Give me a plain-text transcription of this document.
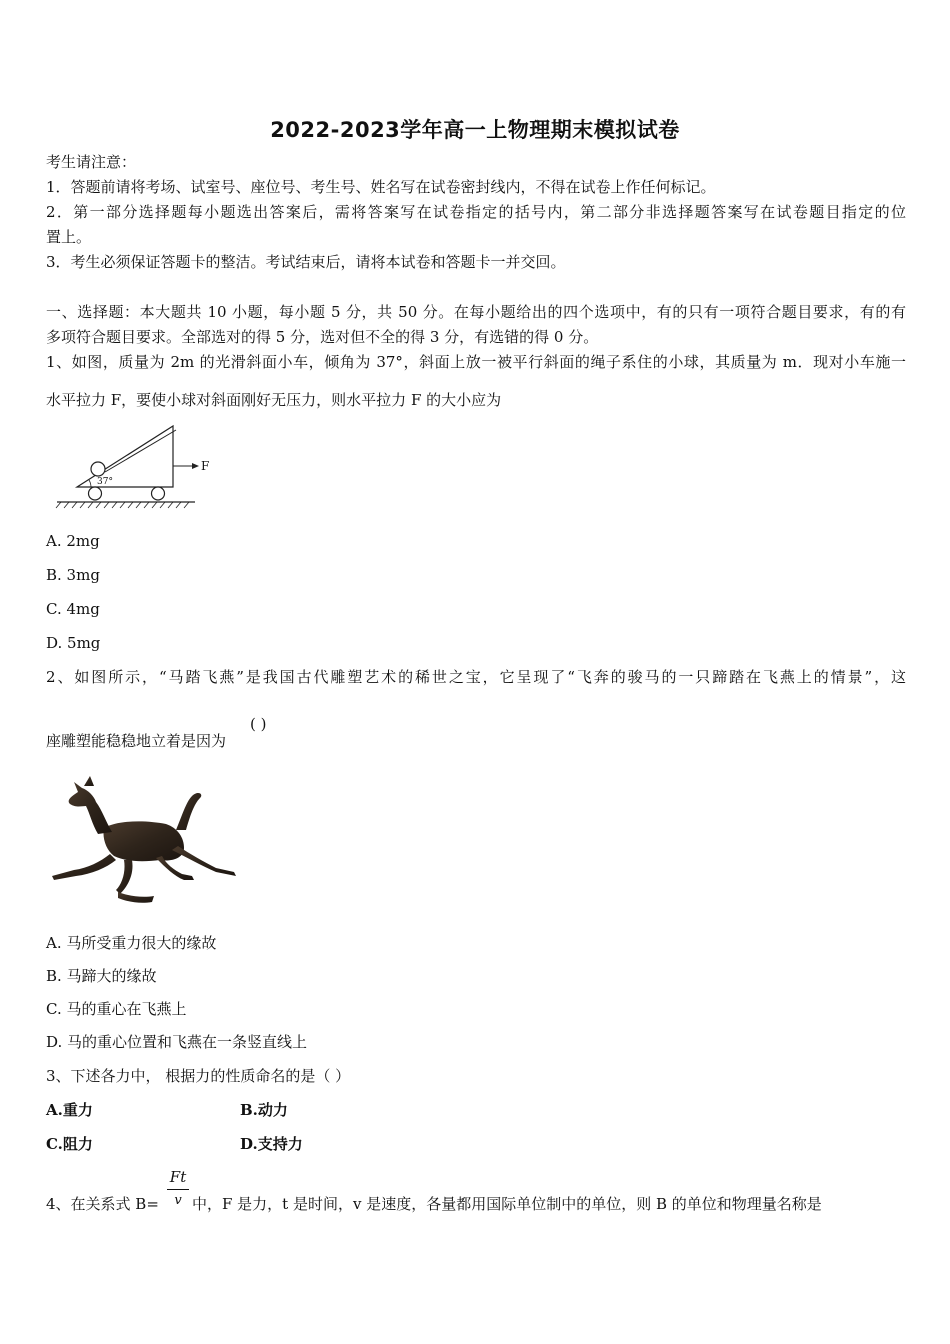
2022-2023学年高一上物理期末模拟试卷
考生请注意：
1．答题前请将考场、试室号、座位号、考生号、姓名写在试卷密封线内，不得在试卷上作任何标记。
2．第一部分选择题每小题选出答案后，需将答案写在试卷指定的括号内，第二部分非选择题答案写在试卷题目指定的位
置上。
3．考生必须保证答题卡的整洁。考试结束后，请将本试卷和答题卡一并交回。
一、选择题：本大题共 10 小题，每小题 5 分，共 50 分。在每小题给出的四个选项中，有的只有一项符合题目要求，有的有
多项符合题目要求。全部选对的得 5 分，选对但不全的得 3 分，有选错的得 0 分。
1、如图，质量为 2m 的光滑斜面小车，倾角为 37°，斜面上放一被平行斜面的绳子系住的小球，其质量为 m．现对小车施一
水平拉力 F，要使小球对斜面刚好无压力，则水平拉力 F 的大小应为
37°
F
A. 2mg
B. 3mg
C. 4mg
D. 5mg
2、如图所示，“马踏飞燕”是我国古代雕塑艺术的稀世之宝，它呈现了“飞奔的骏马的一只蹄踏在飞燕上的情景”，这
座雕塑能稳稳地立着是因为
( )
A. 马所受重力很大的缘故
B. 马蹄大的缘故
C. 马的重心在飞燕上
D. 马的重心位置和飞燕在一条竖直线上
3、下述各力中， 根据力的性质命名的是（ ）
A.重力	B.动力
C.阻力	D.支持力
4、在关系式 B=
Ft
v 中，F 是力，t 是时间，v 是速度，各量都用国际单位制中的单位，则 B 的单位和物理量名称是
